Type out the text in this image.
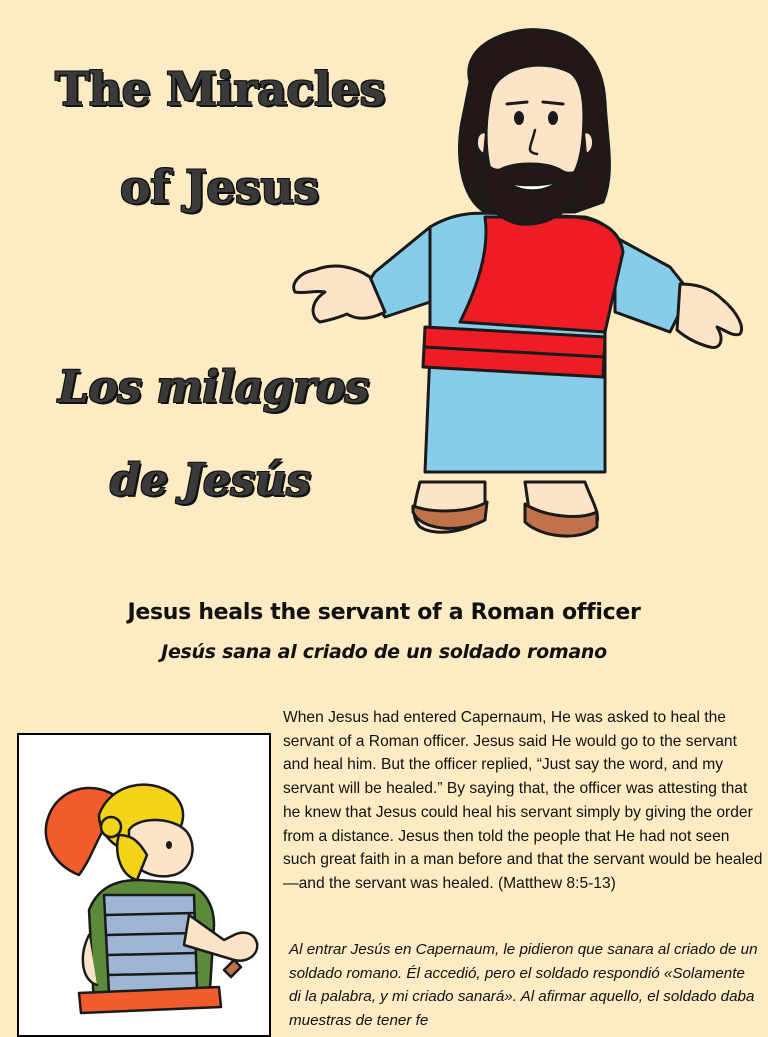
The Miracles
of Jesus
Los milagros
de Jesús
Jesus heals the servant of a Roman officer
Jesús sana al criado de un soldado romano

When Jesus had entered Capernaum, He was asked to heal the servant of a Roman officer. Jesus said He would go to the servant and heal him. But the officer replied, “Just say the word, and my servant will be healed.” By saying that, the officer was attesting that he knew that Jesus could heal his servant simply by giving the order from a distance. Jesus then told the people that He had not seen such great faith in a man before and that the servant would be healed—and the servant was healed. (Matthew 8:5-13)

Al entrar Jesús en Capernaum, le pidieron que sanara al criado de un soldado romano. Él accedió, pero el soldado respondió «Solamente di la palabra, y mi criado sanará». Al afirmar aquello, el soldado daba muestras de tener fe
